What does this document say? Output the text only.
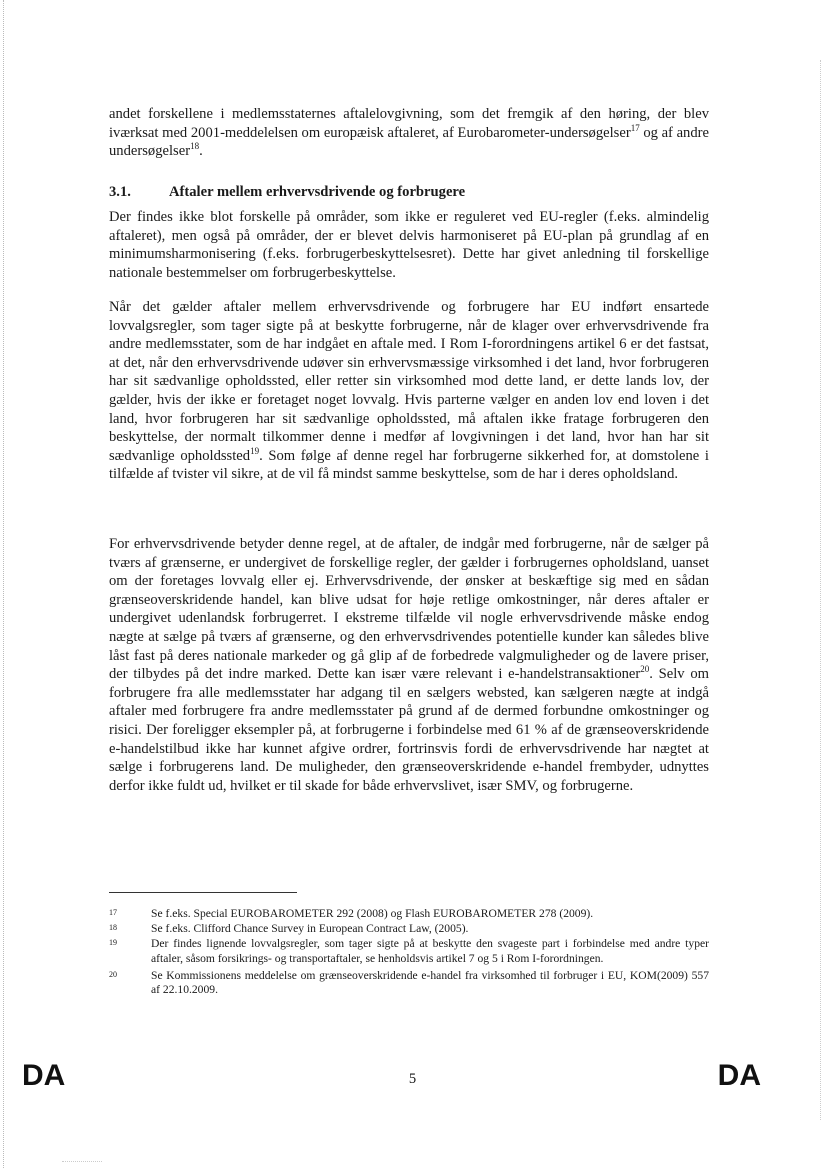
andet forskellene i medlemsstaternes aftalelovgivning, som det fremgik af den høring, der blev iværksat med 2001-meddelelsen om europæisk aftaleret, af Eurobarometer-undersøgelser$^{17}$ og af andre undersøgelser$^{18}$.

3.1.	Aftaler mellem erhvervsdrivende og forbrugere

Der findes ikke blot forskelle på områder, som ikke er reguleret ved EU-regler (f.eks. almindelig aftaleret), men også på områder, der er blevet delvis harmoniseret på EU-plan på grundlag af en minimumsharmonisering (f.eks. forbrugerbeskyttelsesret). Dette har givet anledning til forskellige nationale bestemmelser om forbrugerbeskyttelse.

Når det gælder aftaler mellem erhvervsdrivende og forbrugere har EU indført ensartede lovvalgsregler, som tager sigte på at beskytte forbrugerne, når de klager over erhvervsdrivende fra andre medlemsstater, som de har indgået en aftale med. I Rom I-forordningens artikel 6 er det fastsat, at det, når den erhvervsdrivende udøver sin erhvervsmæssige virksomhed i det land, hvor forbrugeren har sit sædvanlige opholdssted, eller retter sin virksomhed mod dette land, er dette lands lov, der gælder, hvis der ikke er foretaget noget lovvalg. Hvis parterne vælger en anden lov end loven i det land, hvor forbrugeren har sit sædvanlige opholdssted, må aftalen ikke fratage forbrugeren den beskyttelse, der normalt tilkommer denne i medfør af lovgivningen i det land, hvor han har sit sædvanlige opholdssted$^{19}$. Som følge af denne regel har forbrugerne sikkerhed for, at domstolene i tilfælde af tvister vil sikre, at de vil få mindst samme beskyttelse, som de har i deres opholdsland.

For erhvervsdrivende betyder denne regel, at de aftaler, de indgår med forbrugerne, når de sælger på tværs af grænserne, er undergivet de forskellige regler, der gælder i forbrugernes opholdsland, uanset om der foretages lovvalg eller ej. Erhvervsdrivende, der ønsker at beskæftige sig med en sådan grænseoverskridende handel, kan blive udsat for høje retlige omkostninger, når deres aftaler er undergivet udenlandsk forbrugerret. I ekstreme tilfælde vil nogle erhvervsdrivende måske endog nægte at sælge på tværs af grænserne, og den erhvervsdrivendes potentielle kunder kan således blive låst fast på deres nationale markeder og gå glip af de forbedrede valgmuligheder og de lavere priser, der tilbydes på det indre marked. Dette kan især være relevant i e-handelstransaktioner$^{20}$. Selv om forbrugere fra alle medlemsstater har adgang til en sælgers websted, kan sælgeren nægte at indgå aftaler med forbrugere fra andre medlemsstater på grund af de dermed forbundne omkostninger og risici. Der foreligger eksempler på, at forbrugerne i forbindelse med 61 % af de grænseoverskridende e-handelstilbud ikke har kunnet afgive ordrer, fortrinsvis fordi de erhvervsdrivende har nægtet at sælge i forbrugerens land. De muligheder, den grænseoverskridende e-handel frembyder, udnyttes derfor ikke fuldt ud, hvilket er til skade for både erhvervslivet, især SMV, og forbrugerne.

17	Se f.eks. Special EUROBAROMETER 292 (2008) og Flash EUROBAROMETER 278 (2009).
18	Se f.eks. Clifford Chance Survey in European Contract Law, (2005).
19	Der findes lignende lovvalgsregler, som tager sigte på at beskytte den svageste part i forbindelse med andre typer aftaler, såsom forsikrings- og transportaftaler, se henholdsvis artikel 7 og 5 i Rom I-forordningen.
20	Se Kommissionens meddelelse om grænseoverskridende e-handel fra virksomhed til forbruger i EU, KOM(2009) 557 af 22.10.2009.
DA	5	DA
